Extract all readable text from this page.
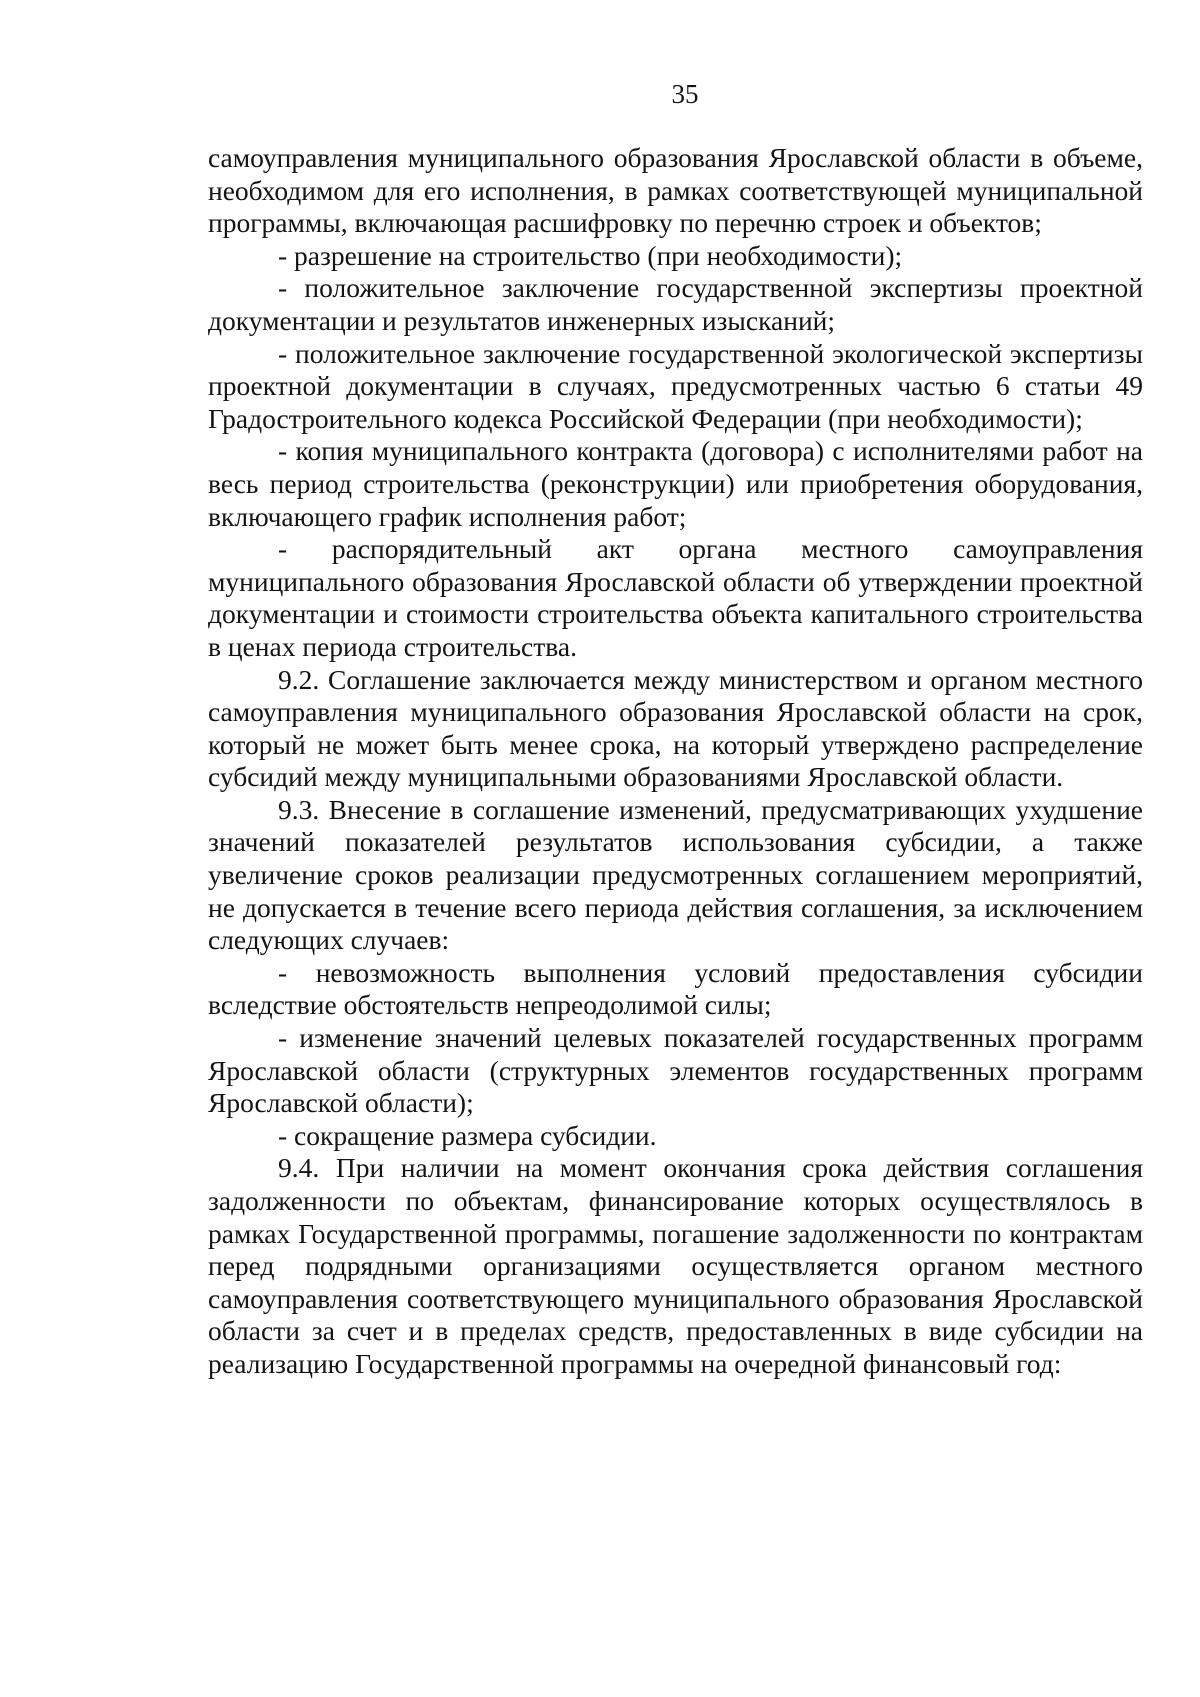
35

самоуправления муниципального образования Ярославской области в объеме, необходимом для его исполнения, в рамках соответствующей муниципальной программы, включающая расшифровку по перечню строек и объектов;

- разрешение на строительство (при необходимости);

- положительное заключение государственной экспертизы проектной документации и результатов инженерных изысканий;

- положительное заключение государственной экологической экспертизы проектной документации в случаях, предусмотренных частью 6 статьи 49 Градостроительного кодекса Российской Федерации (при необходимости);

- копия муниципального контракта (договора) с исполнителями работ на весь период строительства (реконструкции) или приобретения оборудования, включающего график исполнения работ;

- распорядительный акт органа местного самоуправления муниципального образования Ярославской области об утверждении проектной документации и стоимости строительства объекта капитального строительства в ценах периода строительства.

9.2. Соглашение заключается между министерством и органом местного самоуправления муниципального образования Ярославской области на срок, который не может быть менее срока, на который утверждено распределение субсидий между муниципальными образованиями Ярославской области.

9.3. Внесение в соглашение изменений, предусматривающих ухудшение значений показателей результатов использования субсидии, а также увеличение сроков реализации предусмотренных соглашением мероприятий, не допускается в течение всего периода действия соглашения, за исключением следующих случаев:

- невозможность выполнения условий предоставления субсидии вследствие обстоятельств непреодолимой силы;

- изменение значений целевых показателей государственных программ Ярославской области (структурных элементов государственных программ Ярославской области);

- сокращение размера субсидии.

9.4. При наличии на момент окончания срока действия соглашения задолженности по объектам, финансирование которых осуществлялось в рамках Государственной программы, погашение задолженности по контрактам перед подрядными организациями осуществляется органом местного самоуправления соответствующего муниципального образования Ярославской области за счет и в пределах средств, предоставленных в виде субсидии на реализацию Государственной программы на очередной финансовый год:
